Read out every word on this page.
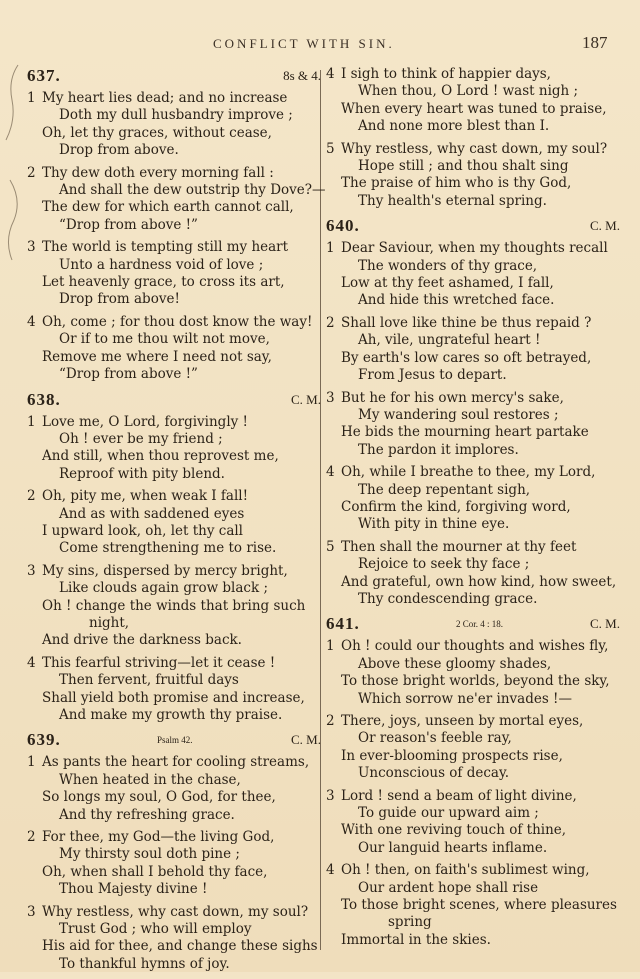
CONFLICT WITH SIN.	187
637.	8s & 4.
1 My heart lies dead; and no increase
Doth my dull husbandry improve ;
Oh, let thy graces, without cease,
Drop from above.
2 Thy dew doth every morning fall :
And shall the dew outstrip thy Dove?—
The dew for which earth cannot call,
“Drop from above !”
3 The world is tempting still my heart
Unto a hardness void of love ;
Let heavenly grace, to cross its art,
Drop from above!
4 Oh, come ; for thou dost know the way!
Or if to me thou wilt not move,
Remove me where I need not say,
“Drop from above !”
638.	C. M.
1 Love me, O Lord, forgivingly !
Oh ! ever be my friend ;
And still, when thou reprovest me,
Reproof with pity blend.
2 Oh, pity me, when weak I fall!
And as with saddened eyes
I upward look, oh, let thy call
Come strengthening me to rise.
3 My sins, dispersed by mercy bright,
Like clouds again grow black ;
Oh ! change the winds that bring such
night,
And drive the darkness back.
4 This fearful striving—let it cease !
Then fervent, fruitful days
Shall yield both promise and increase,
And make my growth thy praise.
639.	Psalm 42.	C. M.
1 As pants the heart for cooling streams,
When heated in the chase,
So longs my soul, O God, for thee,
And thy refreshing grace.
2 For thee, my God—the living God,
My thirsty soul doth pine ;
Oh, when shall I behold thy face,
Thou Majesty divine !
3 Why restless, why cast down, my soul?
Trust God ; who will employ
His aid for thee, and change these sighs
To thankful hymns of joy.
4 I sigh to think of happier days,
When thou, O Lord ! wast nigh ;
When every heart was tuned to praise,
And none more blest than I.
5 Why restless, why cast down, my soul?
Hope still ; and thou shalt sing
The praise of him who is thy God,
Thy health's eternal spring.
640.	C. M.
1 Dear Saviour, when my thoughts recall
The wonders of thy grace,
Low at thy feet ashamed, I fall,
And hide this wretched face.
2 Shall love like thine be thus repaid ?
Ah, vile, ungrateful heart !
By earth's low cares so oft betrayed,
From Jesus to depart.
3 But he for his own mercy's sake,
My wandering soul restores ;
He bids the mourning heart partake
The pardon it implores.
4 Oh, while I breathe to thee, my Lord,
The deep repentant sigh,
Confirm the kind, forgiving word,
With pity in thine eye.
5 Then shall the mourner at thy feet
Rejoice to seek thy face ;
And grateful, own how kind, how sweet,
Thy condescending grace.
641.	2 Cor. 4 : 18.	C. M.
1 Oh ! could our thoughts and wishes fly,
Above these gloomy shades,
To those bright worlds, beyond the sky,
Which sorrow ne'er invades !—
2 There, joys, unseen by mortal eyes,
Or reason's feeble ray,
In ever-blooming prospects rise,
Unconscious of decay.
3 Lord ! send a beam of light divine,
To guide our upward aim ;
With one reviving touch of thine,
Our languid hearts inflame.
4 Oh ! then, on faith's sublimest wing,
Our ardent hope shall rise
To those bright scenes, where pleasures
spring
Immortal in the skies.
